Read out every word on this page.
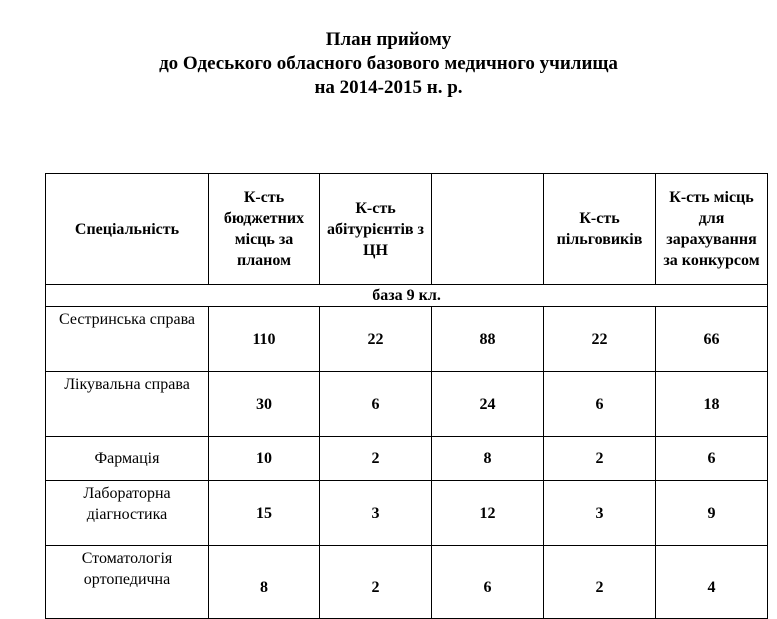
План прийому
до Одеського обласного базового медичного училища
на 2014-2015 н. р.
Спеціальність	К-сть бюджетних місць за планом	К-сть абітурієнтів з ЦН		К-сть пільговиків	К-сть місць для зарахування за конкурсом
база 9 кл.					
Сестринська справа	110	22	88	22	66
Лікувальна справа	30	6	24	6	18
Фармація	10	2	8	2	6
Лабораторна діагностика	15	3	12	3	9
Стоматологія ортопедична	8	2	6	2	4
